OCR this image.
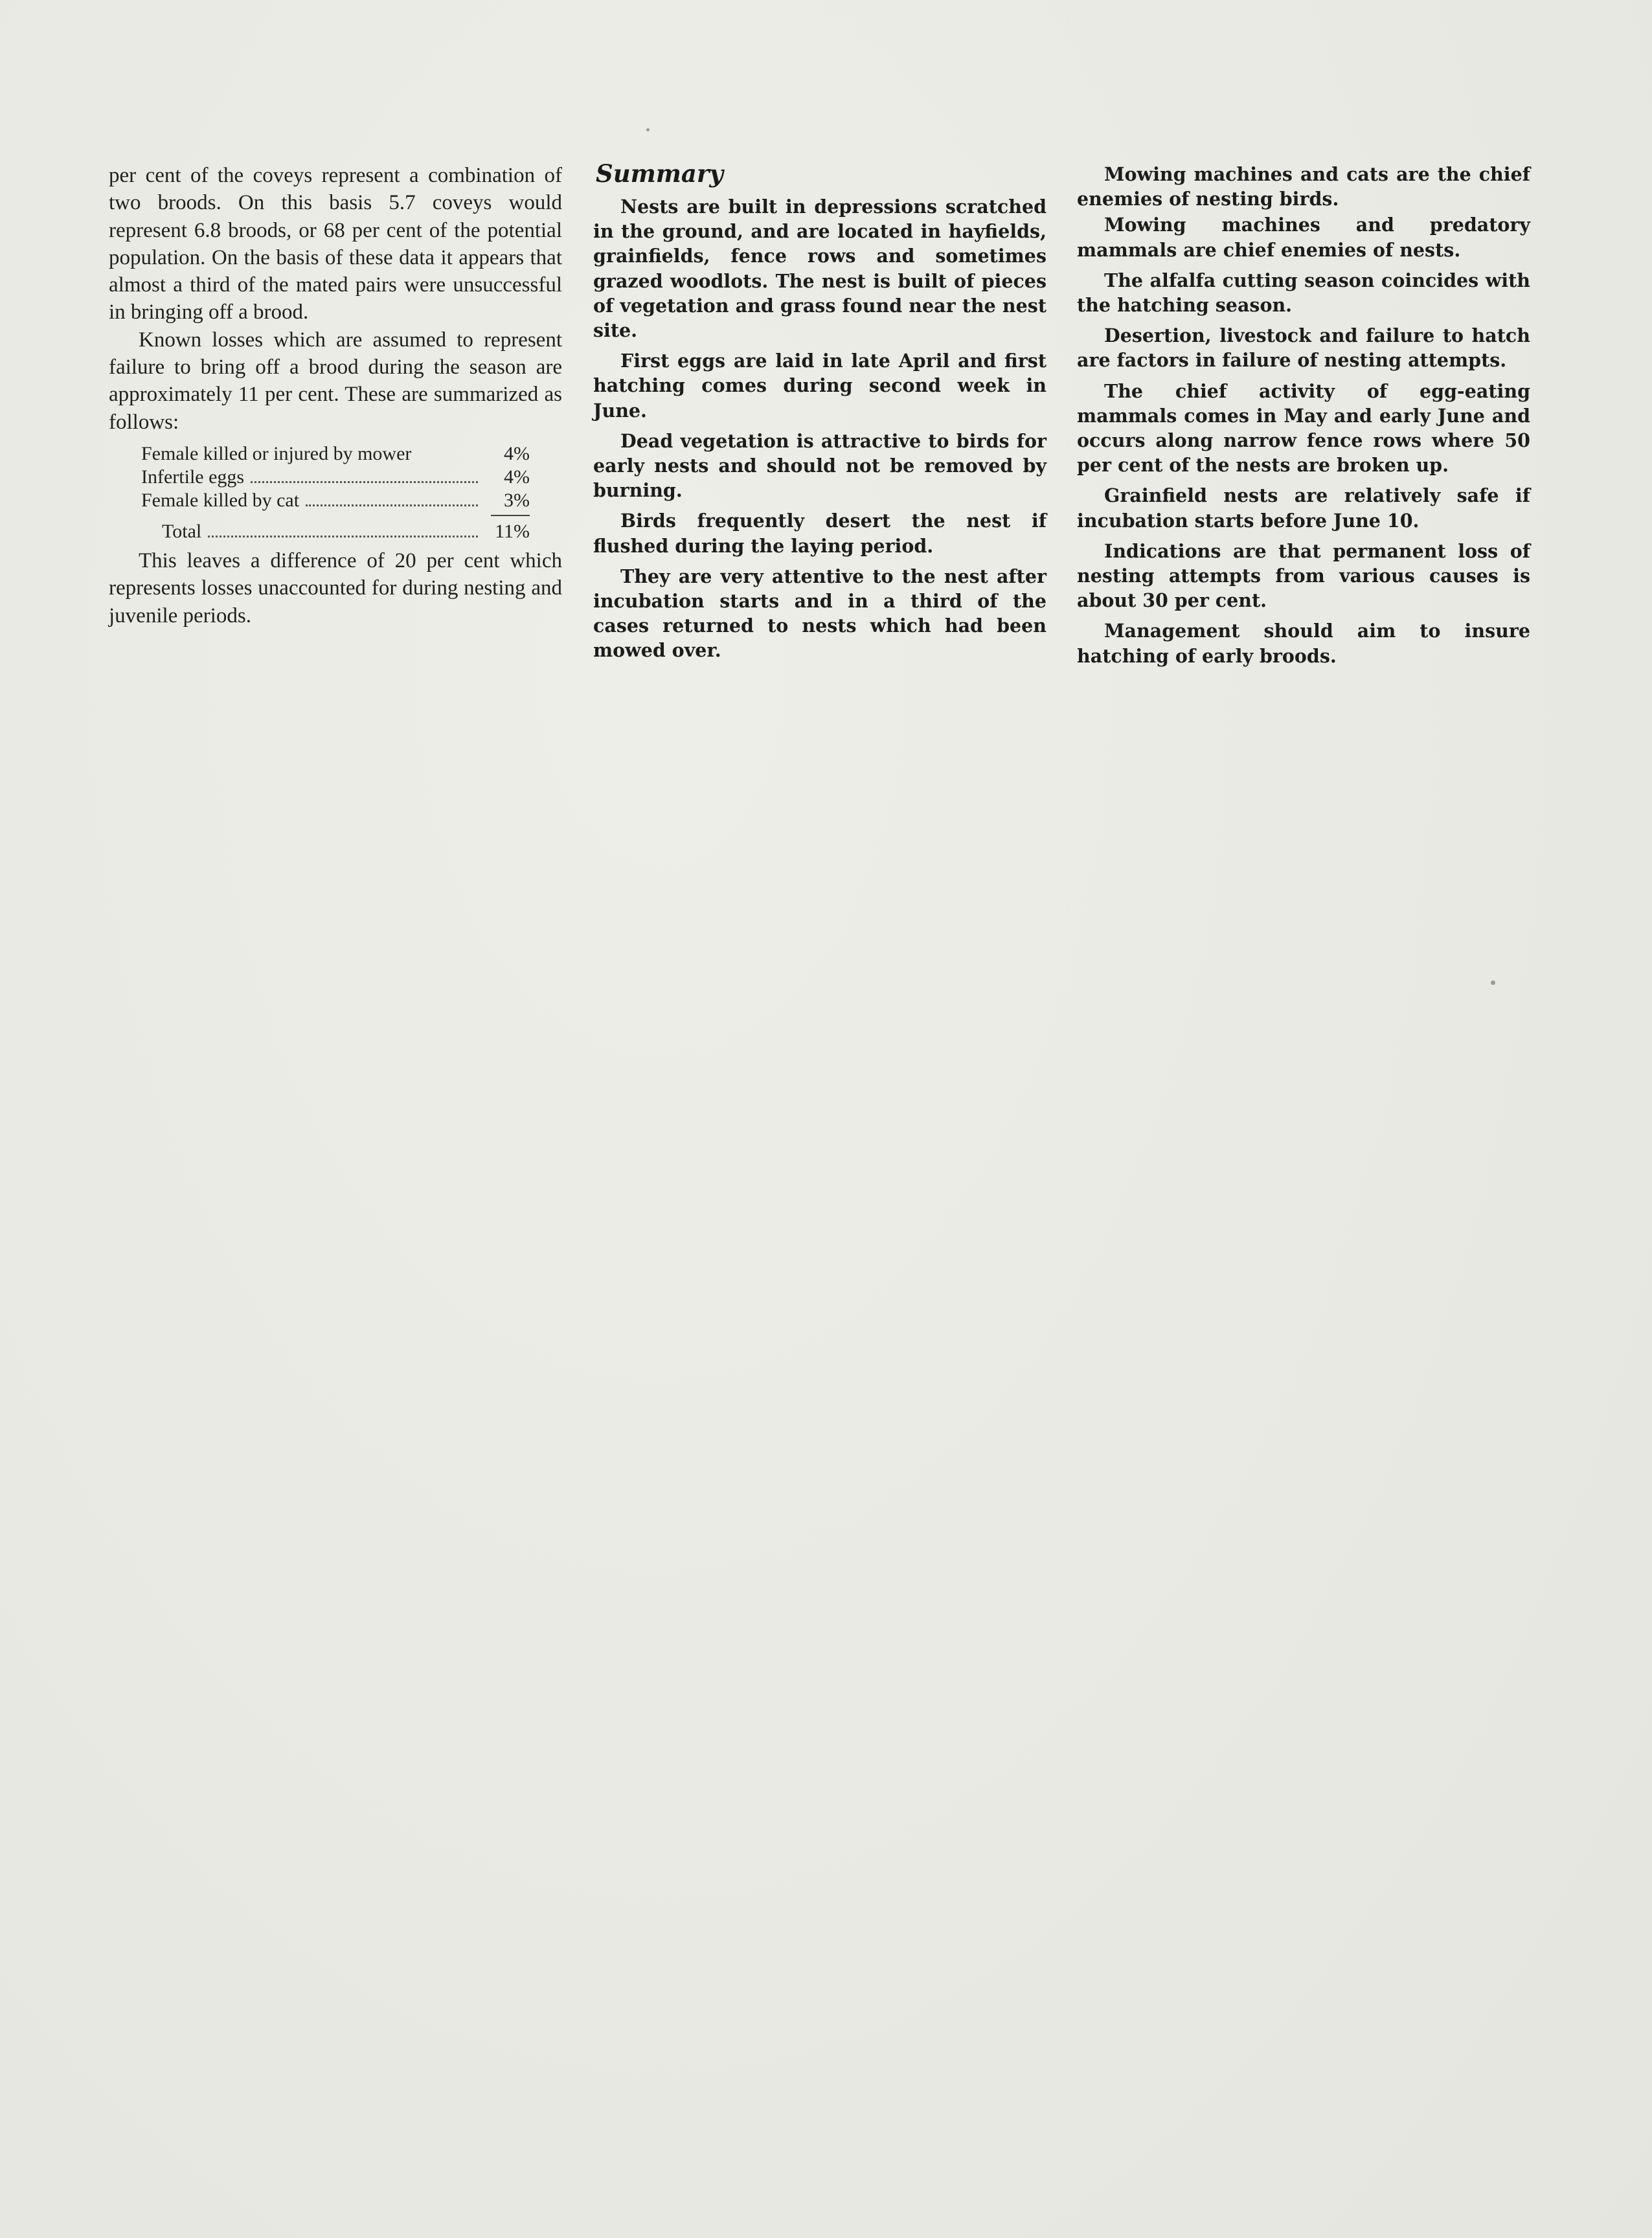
per cent of the coveys represent a combination of two broods. On this basis 5.7 coveys would represent 6.8 broods, or 68 per cent of the potential population. On the basis of these data it appears that almost a third of the mated pairs were unsuccessful in bringing off a brood.

Known losses which are assumed to represent failure to bring off a brood during the season are approximately 11 per cent. These are summarized as follows:

Female killed or injured by mower	4%
Infertile eggs	4%
Female killed by cat	3%
Total	11%

This leaves a difference of 20 per cent which represents losses unaccounted for during nesting and juvenile periods.

Summary

Nests are built in depressions scratched in the ground, and are located in hayfields, grainfields, fence rows and sometimes grazed woodlots. The nest is built of pieces of vegetation and grass found near the nest site.

First eggs are laid in late April and first hatching comes during second week in June.

Dead vegetation is attractive to birds for early nests and should not be removed by burning.

Birds frequently desert the nest if flushed during the laying period.

They are very attentive to the nest after incubation starts and in a third of the cases returned to nests which had been mowed over.

Mowing machines and cats are the chief enemies of nesting birds.

Mowing machines and predatory mammals are chief enemies of nests.

The alfalfa cutting season coincides with the hatching season.

Desertion, livestock and failure to hatch are factors in failure of nesting attempts.

The chief activity of egg-eating mammals comes in May and early June and occurs along narrow fence rows where 50 per cent of the nests are broken up.

Grainfield nests are relatively safe if incubation starts before June 10.

Indications are that permanent loss of nesting attempts from various causes is about 30 per cent.

Management should aim to insure hatching of early broods.
